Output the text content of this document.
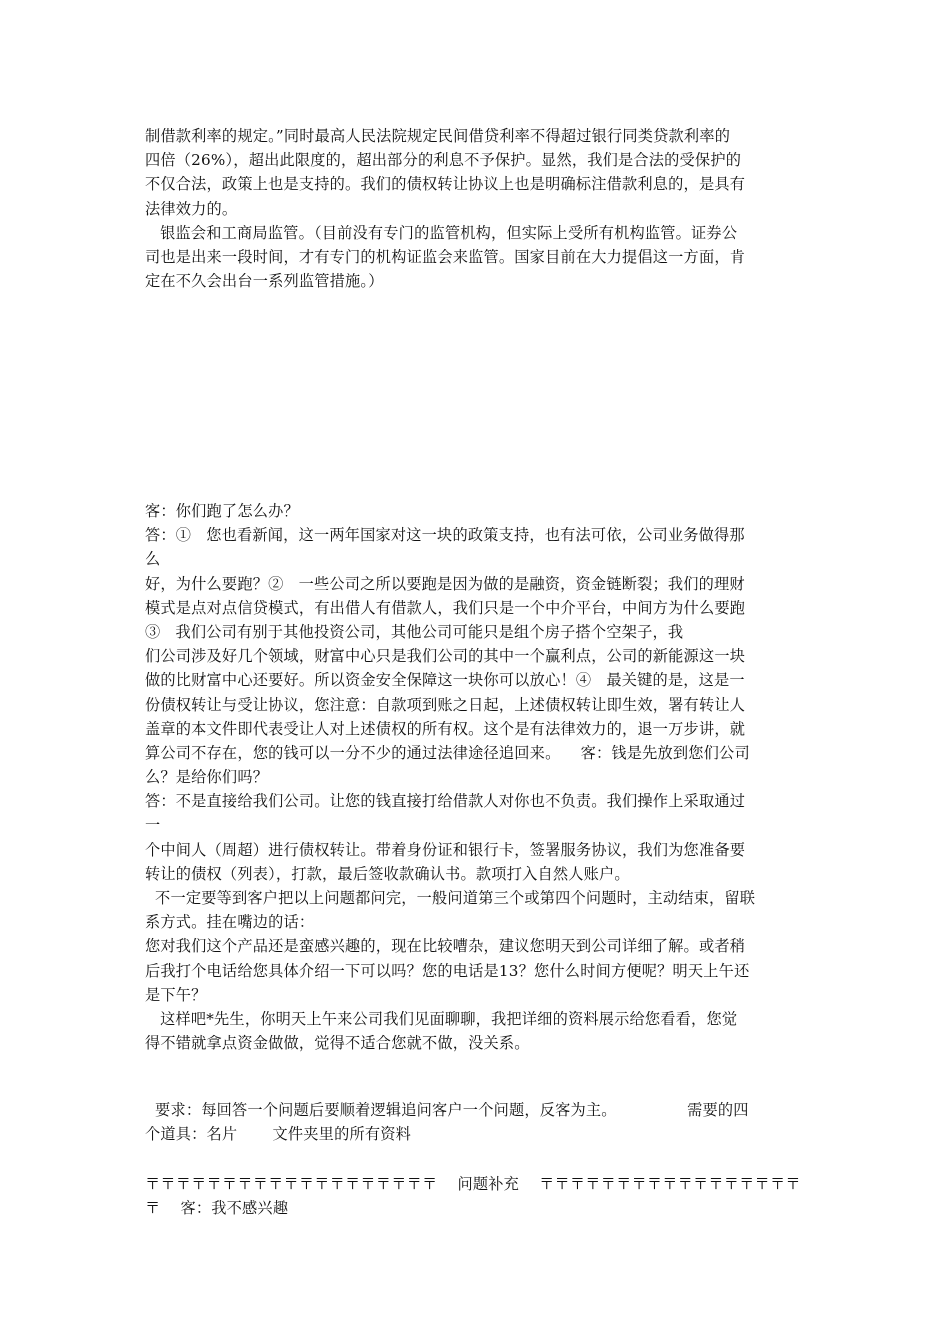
制借款利率的规定。”同时最高人民法院规定民间借贷利率不得超过银行同类贷款利率的
四倍（26%），超出此限度的，超出部分的利息不予保护。显然，我们是合法的受保护的
不仅合法，政策上也是支持的。我们的债权转让协议上也是明确标注借款利息的，是具有
法律效力的。
银监会和工商局监管。（目前没有专门的监管机构，但实际上受所有机构监管。证券公
司也是出来一段时间，才有专门的机构证监会来监管。国家目前在大力提倡这一方面，肯
定在不久会出台一系列监管措施。）
客：你们跑了怎么办？
答：①   您也看新闻，这一两年国家对这一块的政策支持，也有法可依，公司业务做得那
么
好，为什么要跑？②   一些公司之所以要跑是因为做的是融资，资金链断裂；我们的理财
模式是点对点信贷模式，有出借人有借款人，我们只是一个中介平台，中间方为什么要跑
③   我们公司有别于其他投资公司，其他公司可能只是组个房子搭个空架子，我
们公司涉及好几个领域，财富中心只是我们公司的其中一个赢利点，公司的新能源这一块
做的比财富中心还要好。所以资金安全保障这一块你可以放心！④   最关键的是，这是一
份债权转让与受让协议，您注意：自款项到账之日起，上述债权转让即生效，署有转让人
盖章的本文件即代表受让人对上述债权的所有权。这个是有法律效力的，退一万步讲，就
算公司不存在，您的钱可以一分不少的通过法律途径追回来。    客：钱是先放到您们公司
么？是给你们吗？
答：不是直接给我们公司。让您的钱直接打给借款人对你也不负责。我们操作上采取通过
一
个中间人（周超）进行债权转让。带着身份证和银行卡，签署服务协议，我们为您准备要
转让的债权（列表），打款，最后签收款确认书。款项打入自然人账户。
不一定要等到客户把以上问题都问完，一般问道第三个或第四个问题时，主动结束，留联
系方式。挂在嘴边的话：
您对我们这个产品还是蛮感兴趣的，现在比较嘈杂，建议您明天到公司详细了解。或者稍
后我打个电话给您具体介绍一下可以吗？您的电话是13？您什么时间方便呢？明天上午还
是下午？
这样吧*先生，你明天上午来公司我们见面聊聊，我把详细的资料展示给您看看，您觉
得不错就拿点资金做做，觉得不适合您就不做，没关系。
要求：每回答一个问题后要顺着逻辑追问客户一个问题，反客为主。              需要的四
个道具：名片       文件夹里的所有资料
〒〒〒〒〒〒〒〒〒〒〒〒〒〒〒〒〒〒〒    问题补充    〒〒〒〒〒〒〒〒〒〒〒〒〒〒〒〒〒
〒    客：我不感兴趣
